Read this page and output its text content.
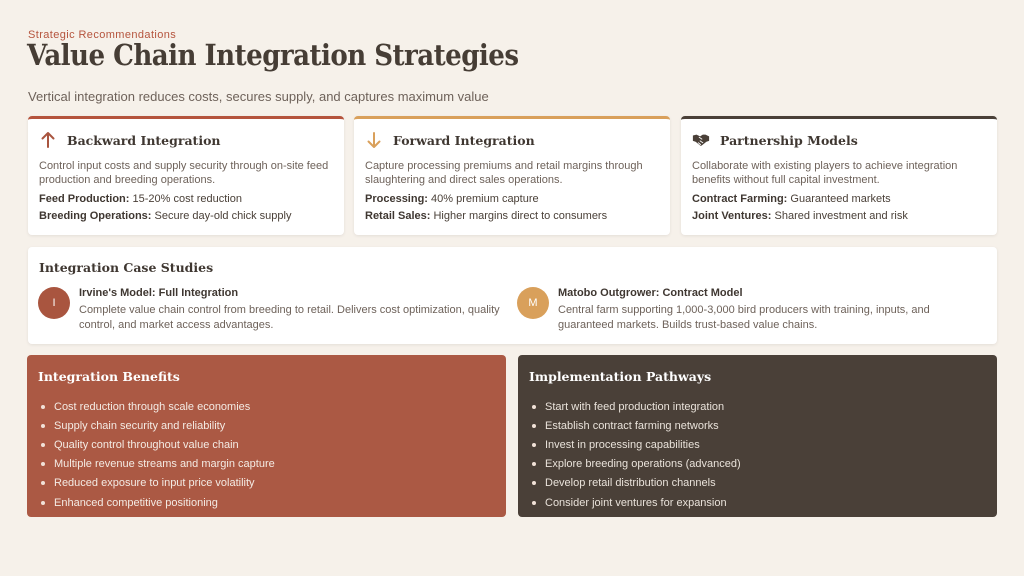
Strategic Recommendations
Value Chain Integration Strategies
Vertical integration reduces costs, secures supply, and captures maximum value
Backward Integration
Control input costs and supply security through on-site feed production and breeding operations.
Feed Production: 15-20% cost reduction
Breeding Operations: Secure day-old chick supply
Forward Integration
Capture processing premiums and retail margins through slaughtering and direct sales operations.
Processing: 40% premium capture
Retail Sales: Higher margins direct to consumers
Partnership Models
Collaborate with existing players to achieve integration benefits without full capital investment.
Contract Farming: Guaranteed markets
Joint Ventures: Shared investment and risk
Integration Case Studies
I
Irvine's Model: Full Integration
Complete value chain control from breeding to retail. Delivers cost optimization, quality control, and market access advantages.
M
Matobo Outgrower: Contract Model
Central farm supporting 1,000-3,000 bird producers with training, inputs, and guaranteed markets. Builds trust-based value chains.
Integration Benefits
Cost reduction through scale economies
Supply chain security and reliability
Quality control throughout value chain
Multiple revenue streams and margin capture
Reduced exposure to input price volatility
Enhanced competitive positioning
Implementation Pathways
Start with feed production integration
Establish contract farming networks
Invest in processing capabilities
Explore breeding operations (advanced)
Develop retail distribution channels
Consider joint ventures for expansion
